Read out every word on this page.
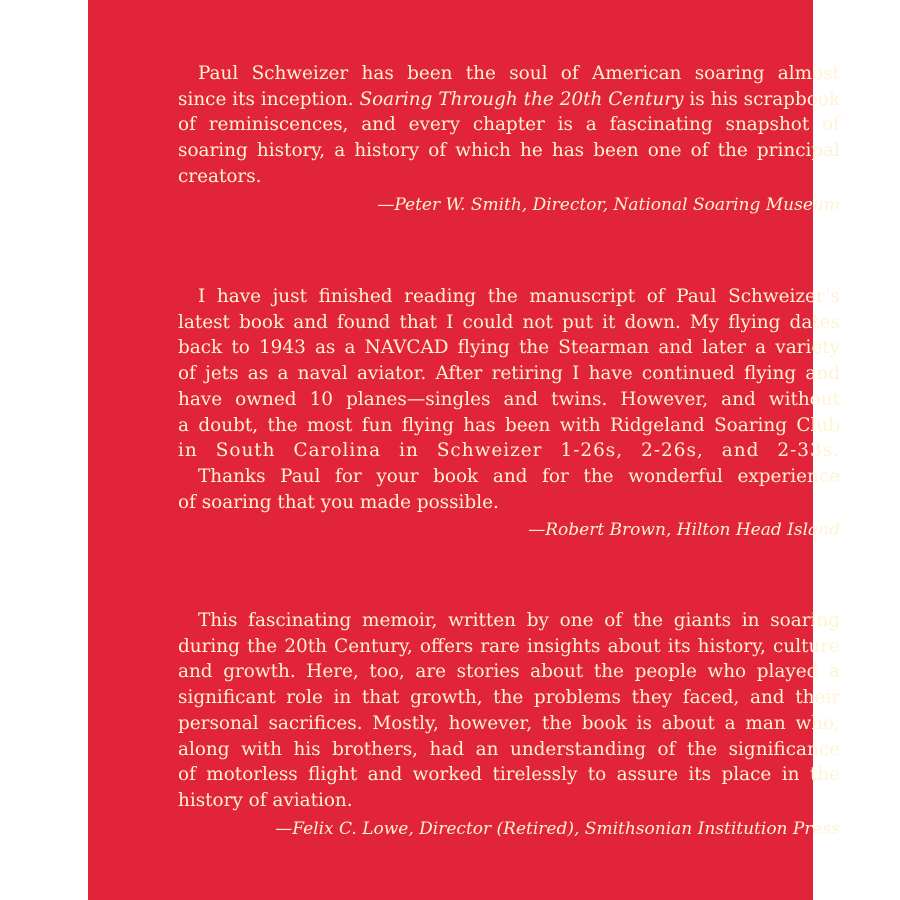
Paul Schweizer has been the soul of American soaring almost
since its inception. Soaring Through the 20th Century is his scrapbook
of reminiscences, and every chapter is a fascinating snapshot of
soaring history, a history of which he has been one of the principal
creators.
—Peter W. Smith, Director, National Soaring Museum
I have just finished reading the manuscript of Paul Schweizer’s
latest book and found that I could not put it down. My flying dates
back to 1943 as a NAVCAD flying the Stearman and later a variety
of jets as a naval aviator. After retiring I have continued flying and
have owned 10 planes—singles and twins. However, and without
a doubt, the most fun flying has been with Ridgeland Soaring Club
in South Carolina in Schweizer 1-26s, 2-26s, and 2-33s.
Thanks Paul for your book and for the wonderful experience
of soaring that you made possible.
—Robert Brown, Hilton Head Island
This fascinating memoir, written by one of the giants in soaring
during the 20th Century, offers rare insights about its history, culture
and growth. Here, too, are stories about the people who played a
significant role in that growth, the problems they faced, and their
personal sacrifices. Mostly, however, the book is about a man who,
along with his brothers, had an understanding of the significance
of motorless flight and worked tirelessly to assure its place in the
history of aviation.
—Felix C. Lowe, Director (Retired), Smithsonian Institution Press
